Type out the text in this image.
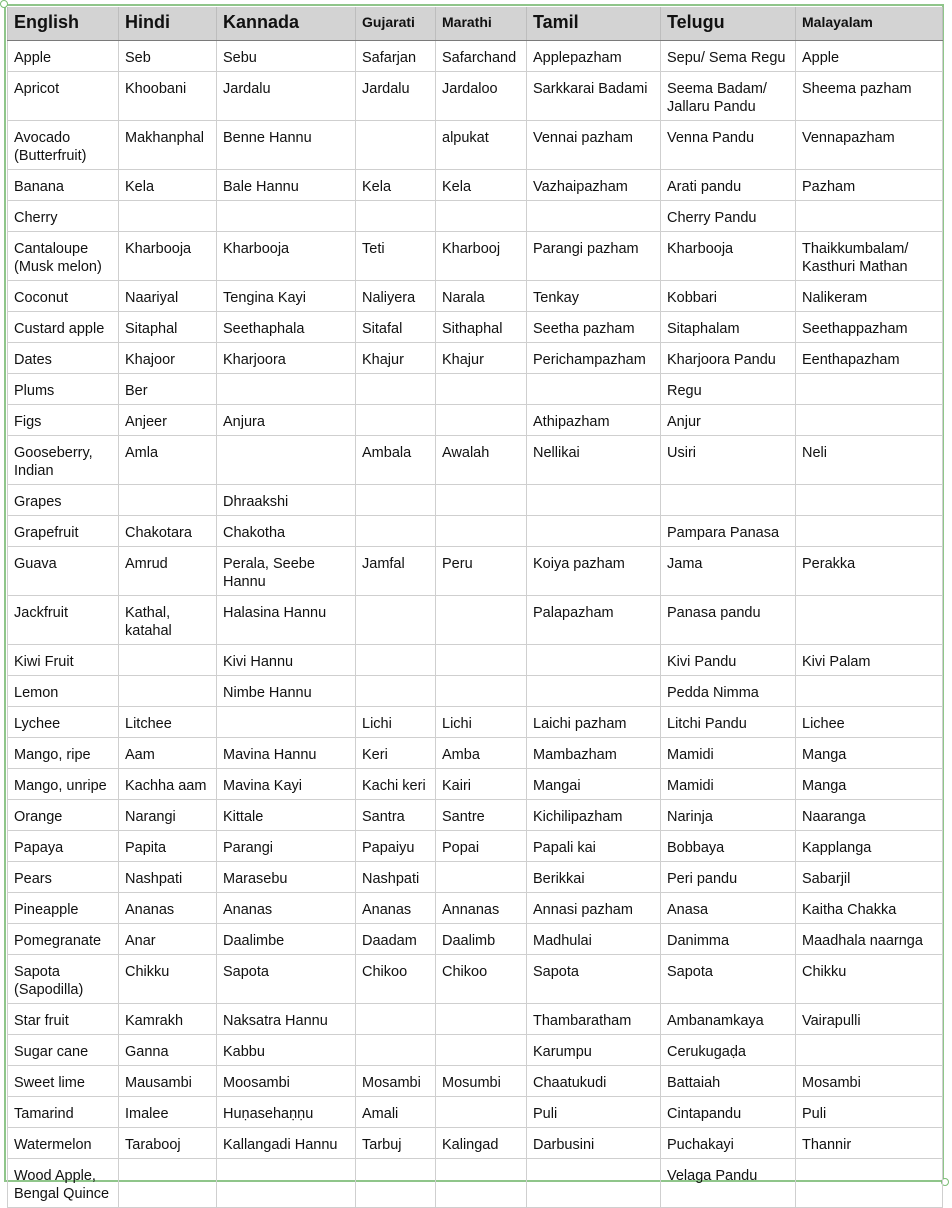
English	Hindi	Kannada	Gujarati	Marathi	Tamil	Telugu	Malayalam
Apple	Seb	Sebu	Safarjan	Safarchand	Applepazham	Sepu/ Sema Regu	Apple
Apricot	Khoobani	Jardalu	Jardalu	Jardaloo	Sarkkarai Badami	Seema Badam/ Jallaru Pandu	Sheema pazham
Avocado (Butterfruit)	Makhanphal	Benne Hannu		alpukat	Vennai pazham	Venna Pandu	Vennapazham
Banana	Kela	Bale Hannu	Kela	Kela	Vazhaipazham	Arati pandu	Pazham
Cherry						Cherry Pandu	
Cantaloupe (Musk melon)	Kharbooja	Kharbooja	Teti	Kharbooj	Parangi pazham	Kharbooja	Thaikkumbalam/ Kasthuri Mathan
Coconut	Naariyal	Tengina Kayi	Naliyera	Narala	Tenkay	Kobbari	Nalikeram
Custard apple	Sitaphal	Seethaphala	Sitafal	Sithaphal	Seetha pazham	Sitaphalam	Seethappazham
Dates	Khajoor	Kharjoora	Khajur	Khajur	Perichampazham	Kharjoora Pandu	Eenthapazham
Plums	Ber					Regu	
Figs	Anjeer	Anjura			Athipazham	Anjur	
Gooseberry, Indian	Amla		Ambala	Awalah	Nellikai	Usiri	Neli
Grapes		Dhraakshi					
Grapefruit	Chakotara	Chakotha				Pampara Panasa	
Guava	Amrud	Perala, Seebe Hannu	Jamfal	Peru	Koiya pazham	Jama	Perakka
Jackfruit	Kathal, katahal	Halasina Hannu			Palapazham	Panasa pandu	
Kiwi Fruit		Kivi Hannu				Kivi Pandu	Kivi Palam
Lemon		Nimbe Hannu				Pedda Nimma	
Lychee	Litchee		Lichi	Lichi	Laichi pazham	Litchi Pandu	Lichee
Mango, ripe	Aam	Mavina Hannu	Keri	Amba	Mambazham	Mamidi	Manga
Mango, unripe	Kachha aam	Mavina Kayi	Kachi keri	Kairi	Mangai	Mamidi	Manga
Orange	Narangi	Kittale	Santra	Santre	Kichilipazham	Narinja	Naaranga
Papaya	Papita	Parangi	Papaiyu	Popai	Papali kai	Bobbaya	Kapplanga
Pears	Nashpati	Marasebu	Nashpati		Berikkai	Peri pandu	Sabarjil
Pineapple	Ananas	Ananas	Ananas	Annanas	Annasi pazham	Anasa	Kaitha Chakka
Pomegranate	Anar	Daalimbe	Daadam	Daalimb	Madhulai	Danimma	Maadhala naarnga
Sapota (Sapodilla)	Chikku	Sapota	Chikoo	Chikoo	Sapota	Sapota	Chikku
Star fruit	Kamrakh	Naksatra Hannu			Thambaratham	Ambanamkaya	Vairapulli
Sugar cane	Ganna	Kabbu			Karumpu	Cerukugaḍa	
Sweet lime	Mausambi	Moosambi	Mosambi	Mosumbi	Chaatukudi	Battaiah	Mosambi
Tamarind	Imalee	Huṇasehaṇṇu	Amali		Puli	Cintapandu	Puli
Watermelon	Tarabooj	Kallangadi Hannu	Tarbuj	Kalingad	Darbusini	Puchakayi	Thannir
Wood Apple, Bengal Quince						Velaga Pandu	
